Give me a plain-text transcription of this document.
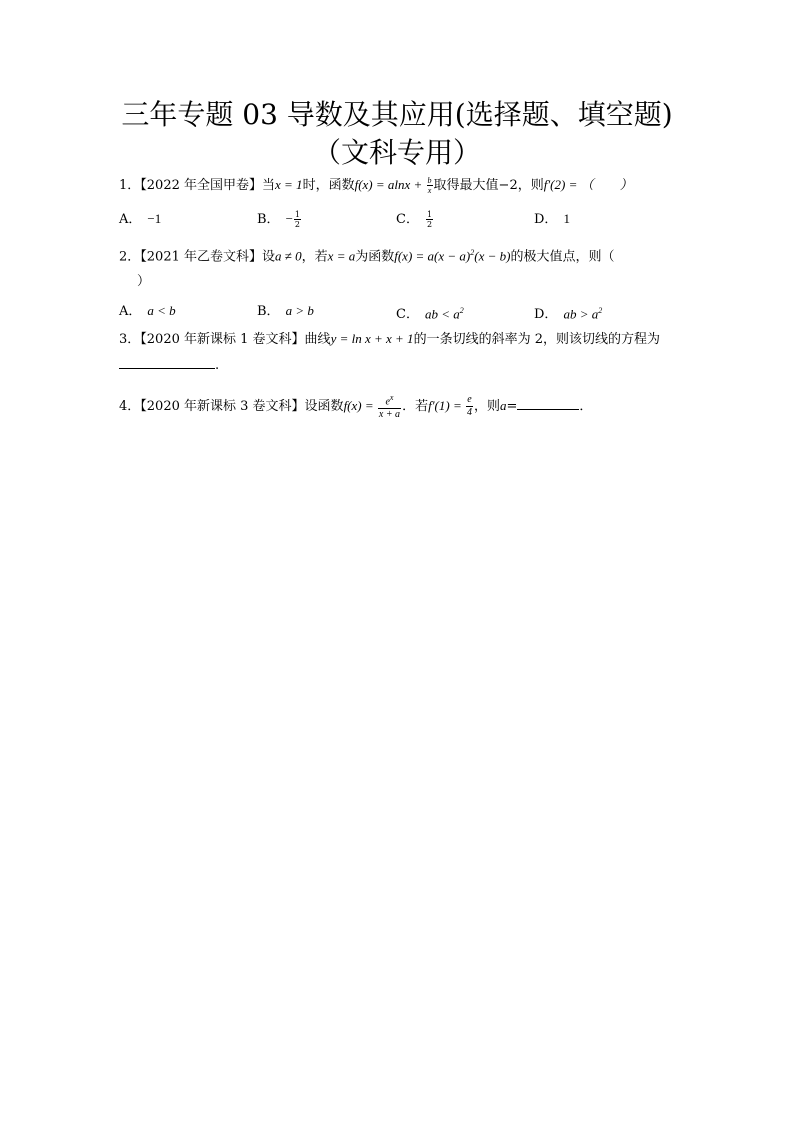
三年专题 03 导数及其应用(选择题、填空题)
（文科专用）
1．【2022 年全国甲卷】当x = 1时，函数$f(x) = alnx + \frac{b}{x}$ 取得最大值−2，则f′(2) = （　　）
A． −1	B． − $\frac{1}{2}$	C． $\frac{1}{2}$	D． 1
2．【2021 年乙卷文科】设a ≠ 0，若x = a为函数$f(x) = a(x - a)^2(x - b)$的极大值点，则（
）
A． a < b	B． a > b	C． ab < $a^2$	D． ab > $a^2$
3．【2020 年新课标 1 卷文科】曲线y = ln x + x + 1的一条切线的斜率为 2，则该切线的方程为
.
4．【2020 年新课标 3 卷文科】设函数$f(x) = \frac{e^x}{x + a}$ ．若$f'(1) = \frac{e}{4}$ ，则a=	．
